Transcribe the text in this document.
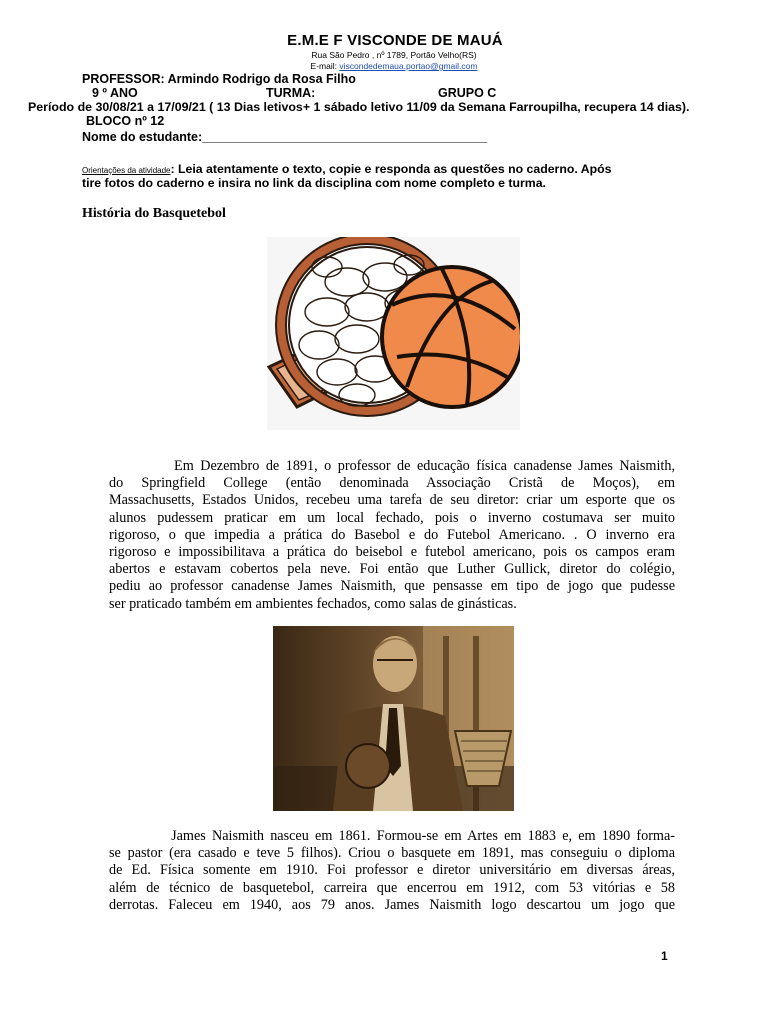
E.M.E F VISCONDE DE MAUÁ
Rua São Pedro , nº 1789, Portão Velho(RS)
E-mail: viscondedemaua.portao@gmail.com
PROFESSOR: Armindo Rodrigo da Rosa Filho
9 º ANO	TURMA:	GRUPO C
Período de 30/08/21 a 17/09/21 ( 13 Dias letivos+ 1 sábado letivo 11/09 da Semana Farroupilha, recupera 14 dias).
BLOCO nº 12
Nome do estudante:_________________________________________
Orientações da atividade: Leia atentamente o texto, copie e responda as questões no caderno. Após
tire fotos do caderno e insira no link da disciplina com nome completo e turma.
História do Basquetebol
Em Dezembro de 1891, o professor de educação física canadense James Naismith,
do Springfield College (então denominada Associação Cristã de Moços), em
Massachusetts, Estados Unidos, recebeu uma tarefa de seu diretor: criar um esporte que os
alunos pudessem praticar em um local fechado, pois o inverno costumava ser muito
rigoroso, o que impedia a prática do Basebol e do Futebol Americano. . O inverno era
rigoroso e impossibilitava a prática do beisebol e futebol americano, pois os campos eram
abertos e estavam cobertos pela neve. Foi então que Luther Gullick, diretor do colégio,
pediu ao professor canadense James Naismith, que pensasse em tipo de jogo que pudesse
ser praticado também em ambientes fechados, como salas de ginásticas.
James Naismith nasceu em 1861. Formou-se em Artes em 1883 e, em 1890 forma-
se pastor (era casado e teve 5 filhos). Criou o basquete em 1891, mas conseguiu o diploma
de Ed. Física somente em 1910. Foi professor e diretor universitário em diversas áreas,
além de técnico de basquetebol, carreira que encerrou em 1912, com 53 vitórias e 58
derrotas. Faleceu em 1940, aos 79 anos. James Naismith logo descartou um jogo que
1
